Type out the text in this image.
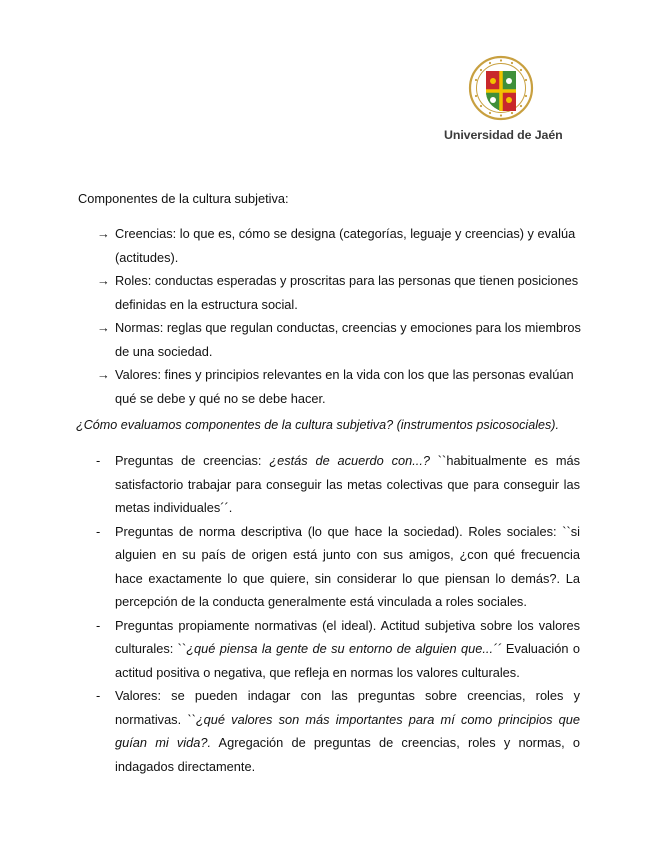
Universidad de Jaén
Componentes de la cultura subjetiva:
→ Creencias: lo que es, cómo se designa (categorías, leguaje y creencias) y evalúa (actitudes).
→ Roles: conductas esperadas y proscritas para las personas que tienen posiciones definidas en la estructura social.
→ Normas: reglas que regulan conductas, creencias y emociones para los miembros de una sociedad.
→ Valores: fines y principios relevantes en la vida con los que las personas evalúan qué se debe y qué no se debe hacer.
¿Cómo evaluamos componentes de la cultura subjetiva? (instrumentos psicosociales).
- Preguntas de creencias: ¿estás de acuerdo con...? ``habitualmente es más satisfactorio trabajar para conseguir las metas colectivas que para conseguir las metas individuales´´.
- Preguntas de norma descriptiva (lo que hace la sociedad). Roles sociales: ``si alguien en su país de origen está junto con sus amigos, ¿con qué frecuencia hace exactamente lo que quiere, sin considerar lo que piensan lo demás?. La percepción de la conducta generalmente está vinculada a roles sociales.
- Preguntas propiamente normativas (el ideal). Actitud subjetiva sobre los valores culturales: ``¿qué piensa la gente de su entorno de alguien que...´´ Evaluación o actitud positiva o negativa, que refleja en normas los valores culturales.
- Valores: se pueden indagar con las preguntas sobre creencias, roles y normativas. ``¿qué valores son más importantes para mí como principios que guían mi vida?. Agregación de preguntas de creencias, roles y normas, o indagados directamente.
